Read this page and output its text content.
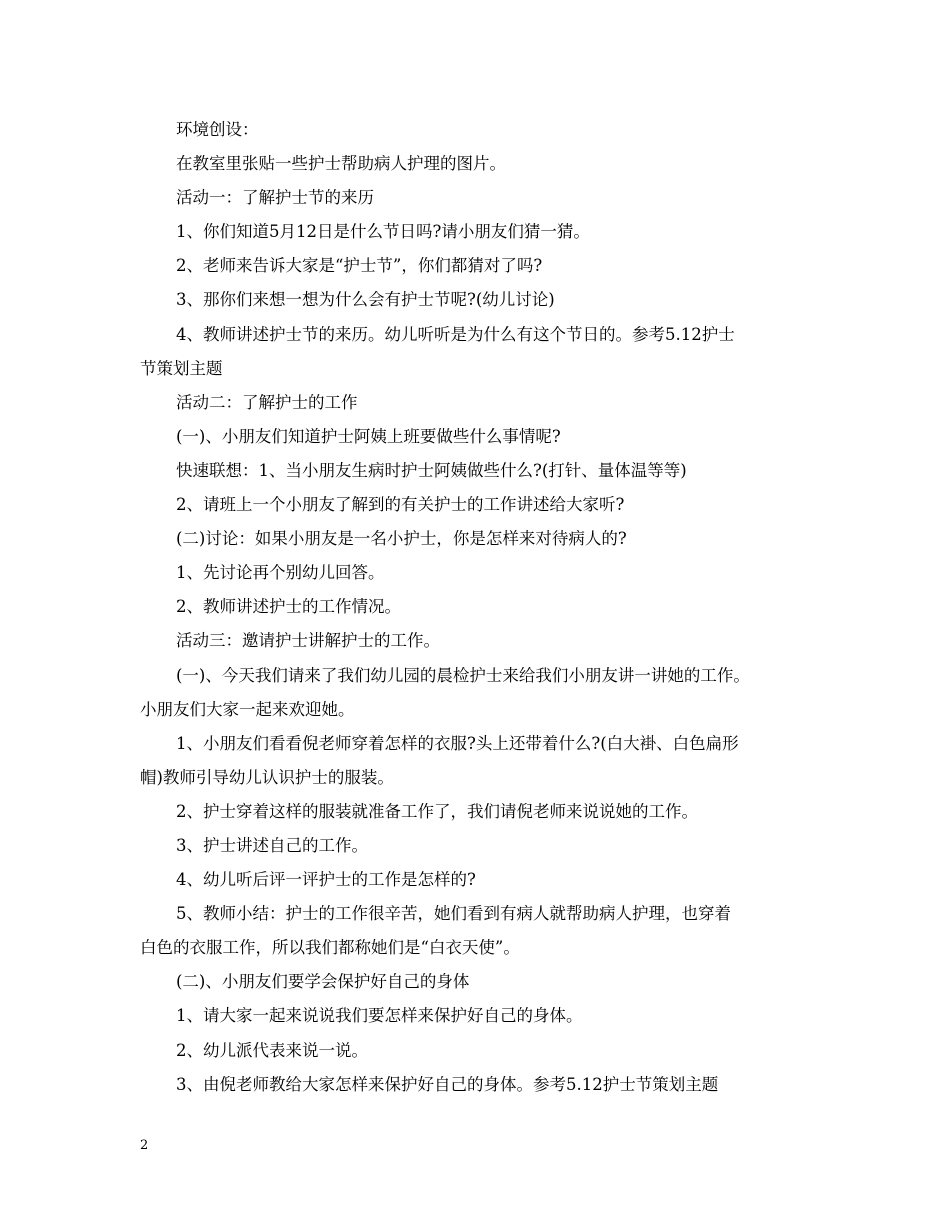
环境创设：

在教室里张贴一些护士帮助病人护理的图片。

活动一：了解护士节的来历

1、你们知道5月12日是什么节日吗?请小朋友们猜一猜。

2、老师来告诉大家是“护士节”，你们都猜对了吗?

3、那你们来想一想为什么会有护士节呢?(幼儿讨论)

4、教师讲述护士节的来历。幼儿听听是为什么有这个节日的。参考5.12护士

节策划主题

活动二：了解护士的工作

(一)、小朋友们知道护士阿姨上班要做些什么事情呢?

快速联想：1、当小朋友生病时护士阿姨做些什么?(打针、量体温等等)

2、请班上一个小朋友了解到的有关护士的工作讲述给大家听?

(二)讨论：如果小朋友是一名小护士，你是怎样来对待病人的?

1、先讨论再个别幼儿回答。

2、教师讲述护士的工作情况。

活动三：邀请护士讲解护士的工作。

(一)、今天我们请来了我们幼儿园的晨检护士来给我们小朋友讲一讲她的工作。

小朋友们大家一起来欢迎她。

1、小朋友们看看倪老师穿着怎样的衣服?头上还带着什么?(白大褂、白色扁形

帽)教师引导幼儿认识护士的服装。

2、护士穿着这样的服装就准备工作了，我们请倪老师来说说她的工作。

3、护士讲述自己的工作。

4、幼儿听后评一评护士的工作是怎样的?

5、教师小结：护士的工作很辛苦，她们看到有病人就帮助病人护理，也穿着

白色的衣服工作，所以我们都称她们是“白衣天使”。

(二)、小朋友们要学会保护好自己的身体

1、请大家一起来说说我们要怎样来保护好自己的身体。

2、幼儿派代表来说一说。

3、由倪老师教给大家怎样来保护好自己的身体。参考5.12护士节策划主题

2
